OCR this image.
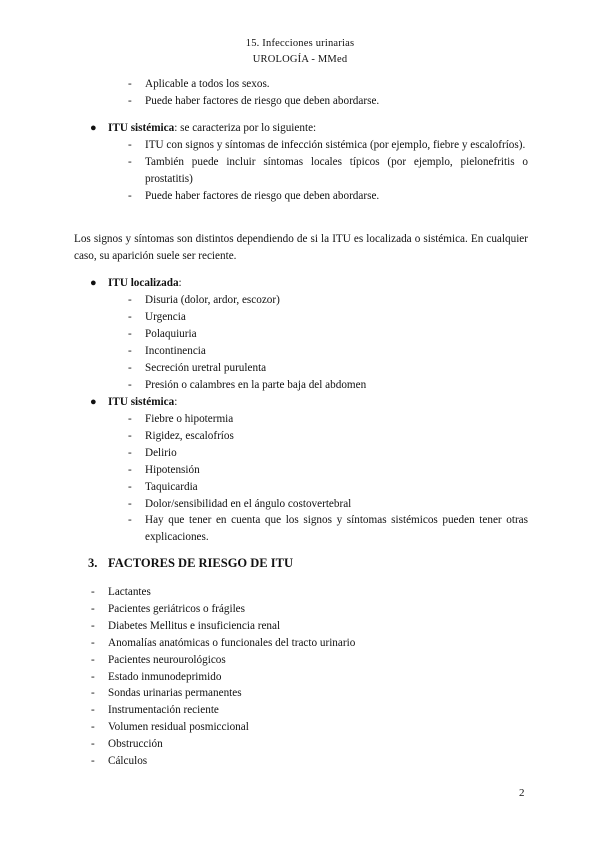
15. Infecciones urinarias
UROLOGÍA - MMed
- Aplicable a todos los sexos.
- Puede haber factores de riesgo que deben abordarse.
● ITU sistémica: se caracteriza por lo siguiente:
- ITU con signos y síntomas de infección sistémica (por ejemplo, fiebre y escalofríos).
- También puede incluir síntomas locales típicos (por ejemplo, pielonefritis o prostatitis)
- Puede haber factores de riesgo que deben abordarse.

Los signos y síntomas son distintos dependiendo de si la ITU es localizada o sistémica. En cualquier caso, su aparición suele ser reciente.

● ITU localizada:
- Disuria (dolor, ardor, escozor)
- Urgencia
- Polaquiuria
- Incontinencia
- Secreción uretral purulenta
- Presión o calambres en la parte baja del abdomen
● ITU sistémica:
- Fiebre o hipotermia
- Rigidez, escalofríos
- Delirio
- Hipotensión
- Taquicardia
- Dolor/sensibilidad en el ángulo costovertebral
- Hay que tener en cuenta que los signos y síntomas sistémicos pueden tener otras explicaciones.
3. FACTORES DE RIESGO DE ITU
- Lactantes
- Pacientes geriátricos o frágiles
- Diabetes Mellitus e insuficiencia renal
- Anomalías anatómicas o funcionales del tracto urinario
- Pacientes neurourológicos
- Estado inmunodeprimido
- Sondas urinarias permanentes
- Instrumentación reciente
- Volumen residual posmiccional
- Obstrucción
- Cálculos
2
